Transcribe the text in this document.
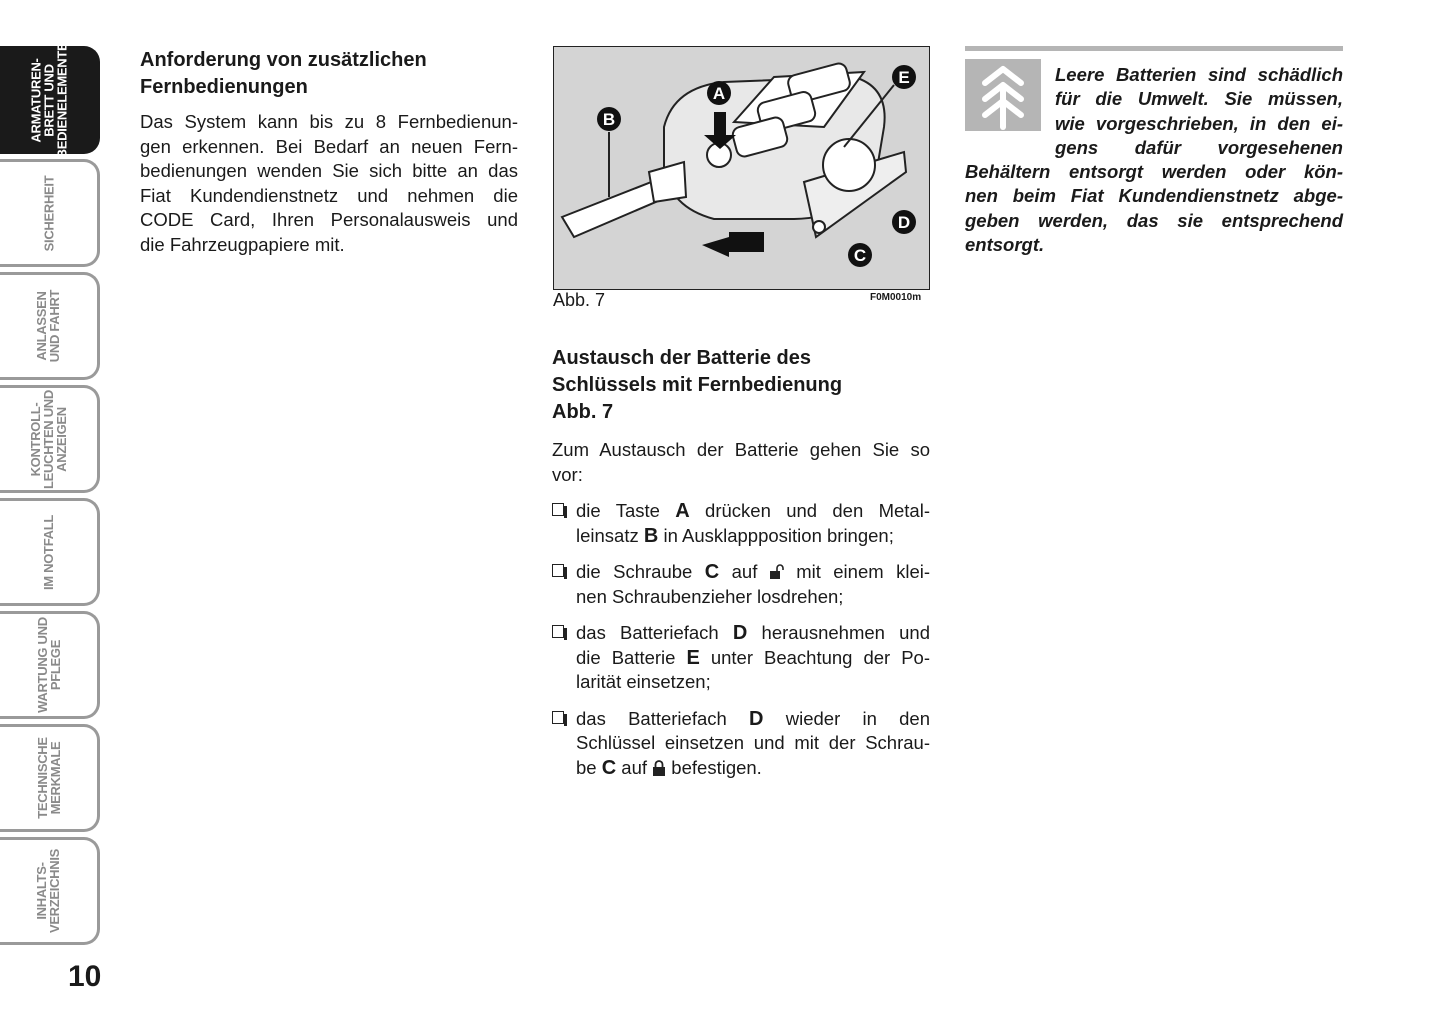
ARMATUREN-
BRETT UND
BEDIENELEMENTE
SICHERHEIT
ANLASSEN
UND FAHRT
KONTROLL-
LEUCHTEN UND
ANZEIGEN
IM NOTFALL
WARTUNG UND
PFLEGE
TECHNISCHE
MERKMALE
INHALTS-
VERZEICHNIS
10
Anforderung von zusätzlichen
Fernbedienungen
Das System kann bis zu 8 Fernbedienun-
gen erkennen. Bei Bedarf an neuen Fern-
bedienungen wenden Sie sich bitte an das
Fiat Kundendienstnetz und nehmen die
CODE Card, Ihren Personalausweis und
die Fahrzeugpapiere mit.
A
B
C
D
E
Abb. 7	F0M0010m
Austausch der Batterie des
Schlüssels mit Fernbedienung
Abb. 7
Zum Austausch der Batterie gehen Sie so
vor:
die Taste A drücken und den Metal-
leinsatz B in Ausklappposition bringen;
die Schraube C auf  mit einem klei-
nen Schraubenzieher losdrehen;
das Batteriefach D herausnehmen und
die Batterie E unter Beachtung der Po-
larität einsetzen;
das Batteriefach D wieder in den
Schlüssel einsetzen und mit der Schrau-
be C auf  befestigen.
Leere Batterien sind schädlich
für die Umwelt. Sie müssen,
wie vorgeschrieben, in den ei-
gens dafür vorgesehenen
Behältern entsorgt werden oder kön-
nen beim Fiat Kundendienstnetz abge-
geben werden, das sie entsprechend
entsorgt.
